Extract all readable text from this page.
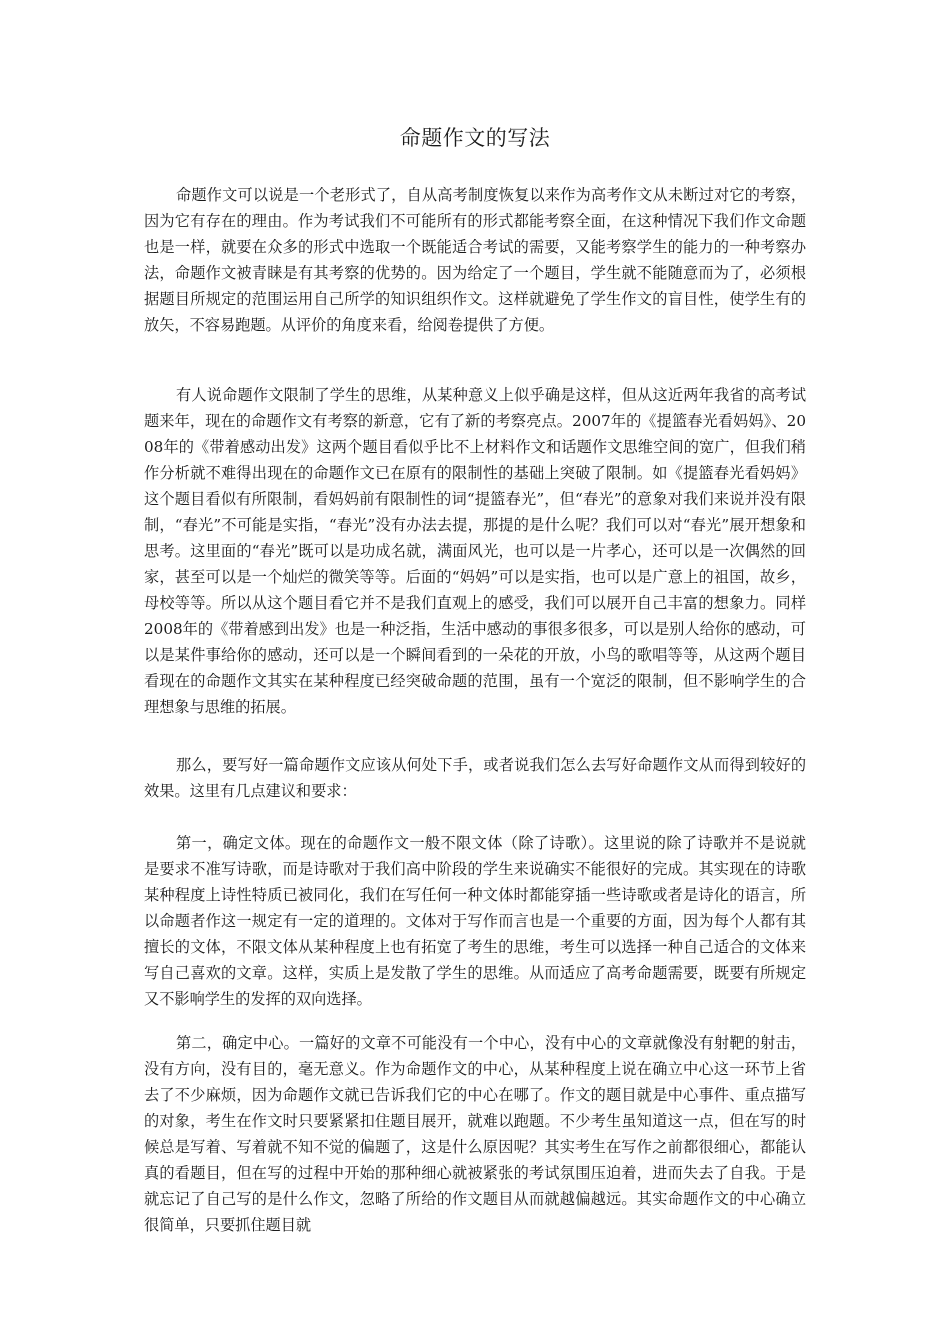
命题作文的写法

命题作文可以说是一个老形式了，自从高考制度恢复以来作为高考作文从未断过对它的考察，因为它有存在的理由。作为考试我们不可能所有的形式都能考察全面，在这种情况下我们作文命题也是一样，就要在众多的形式中选取一个既能适合考试的需要，又能考察学生的能力的一种考察办法，命题作文被青睐是有其考察的优势的。因为给定了一个题目，学生就不能随意而为了，必须根据题目所规定的范围运用自己所学的知识组织作文。这样就避免了学生作文的盲目性，使学生有的放矢，不容易跑题。从评价的角度来看，给阅卷提供了方便。

有人说命题作文限制了学生的思维，从某种意义上似乎确是这样，但从这近两年我省的高考试题来年，现在的命题作文有考察的新意，它有了新的考察亮点。2007年的《提篮春光看妈妈》、2008年的《带着感动出发》这两个题目看似乎比不上材料作文和话题作文思维空间的宽广，但我们稍作分析就不难得出现在的命题作文已在原有的限制性的基础上突破了限制。如《提篮春光看妈妈》这个题目看似有所限制，看妈妈前有限制性的词“提篮春光”，但“春光”的意象对我们来说并没有限制，“春光”不可能是实指，“春光”没有办法去提，那提的是什么呢？我们可以对“春光”展开想象和思考。这里面的“春光”既可以是功成名就，满面风光，也可以是一片孝心，还可以是一次偶然的回家，甚至可以是一个灿烂的微笑等等。后面的“妈妈”可以是实指，也可以是广意上的祖国，故乡，母校等等。所以从这个题目看它并不是我们直观上的感受，我们可以展开自己丰富的想象力。同样2008年的《带着感到出发》也是一种泛指，生活中感动的事很多很多，可以是别人给你的感动，可以是某件事给你的感动，还可以是一个瞬间看到的一朵花的开放，小鸟的歌唱等等，从这两个题目看现在的命题作文其实在某种程度已经突破命题的范围，虽有一个宽泛的限制，但不影响学生的合理想象与思维的拓展。

那么，要写好一篇命题作文应该从何处下手，或者说我们怎么去写好命题作文从而得到较好的效果。这里有几点建议和要求：

第一，确定文体。现在的命题作文一般不限文体（除了诗歌）。这里说的除了诗歌并不是说就是要求不准写诗歌，而是诗歌对于我们高中阶段的学生来说确实不能很好的完成。其实现在的诗歌某种程度上诗性特质已被同化，我们在写任何一种文体时都能穿插一些诗歌或者是诗化的语言，所以命题者作这一规定有一定的道理的。文体对于写作而言也是一个重要的方面，因为每个人都有其擅长的文体，不限文体从某种程度上也有拓宽了考生的思维，考生可以选择一种自己适合的文体来写自己喜欢的文章。这样，实质上是发散了学生的思维。从而适应了高考命题需要，既要有所规定又不影响学生的发挥的双向选择。

第二，确定中心。一篇好的文章不可能没有一个中心，没有中心的文章就像没有射靶的射击，没有方向，没有目的，毫无意义。作为命题作文的中心，从某种程度上说在确立中心这一环节上省去了不少麻烦，因为命题作文就已告诉我们它的中心在哪了。作文的题目就是中心事件、重点描写的对象，考生在作文时只要紧紧扣住题目展开，就难以跑题。不少考生虽知道这一点，但在写的时候总是写着、写着就不知不觉的偏题了，这是什么原因呢？其实考生在写作之前都很细心，都能认真的看题目，但在写的过程中开始的那种细心就被紧张的考试氛围压迫着，进而失去了自我。于是就忘记了自己写的是什么作文，忽略了所给的作文题目从而就越偏越远。其实命题作文的中心确立很简单，只要抓住题目就
